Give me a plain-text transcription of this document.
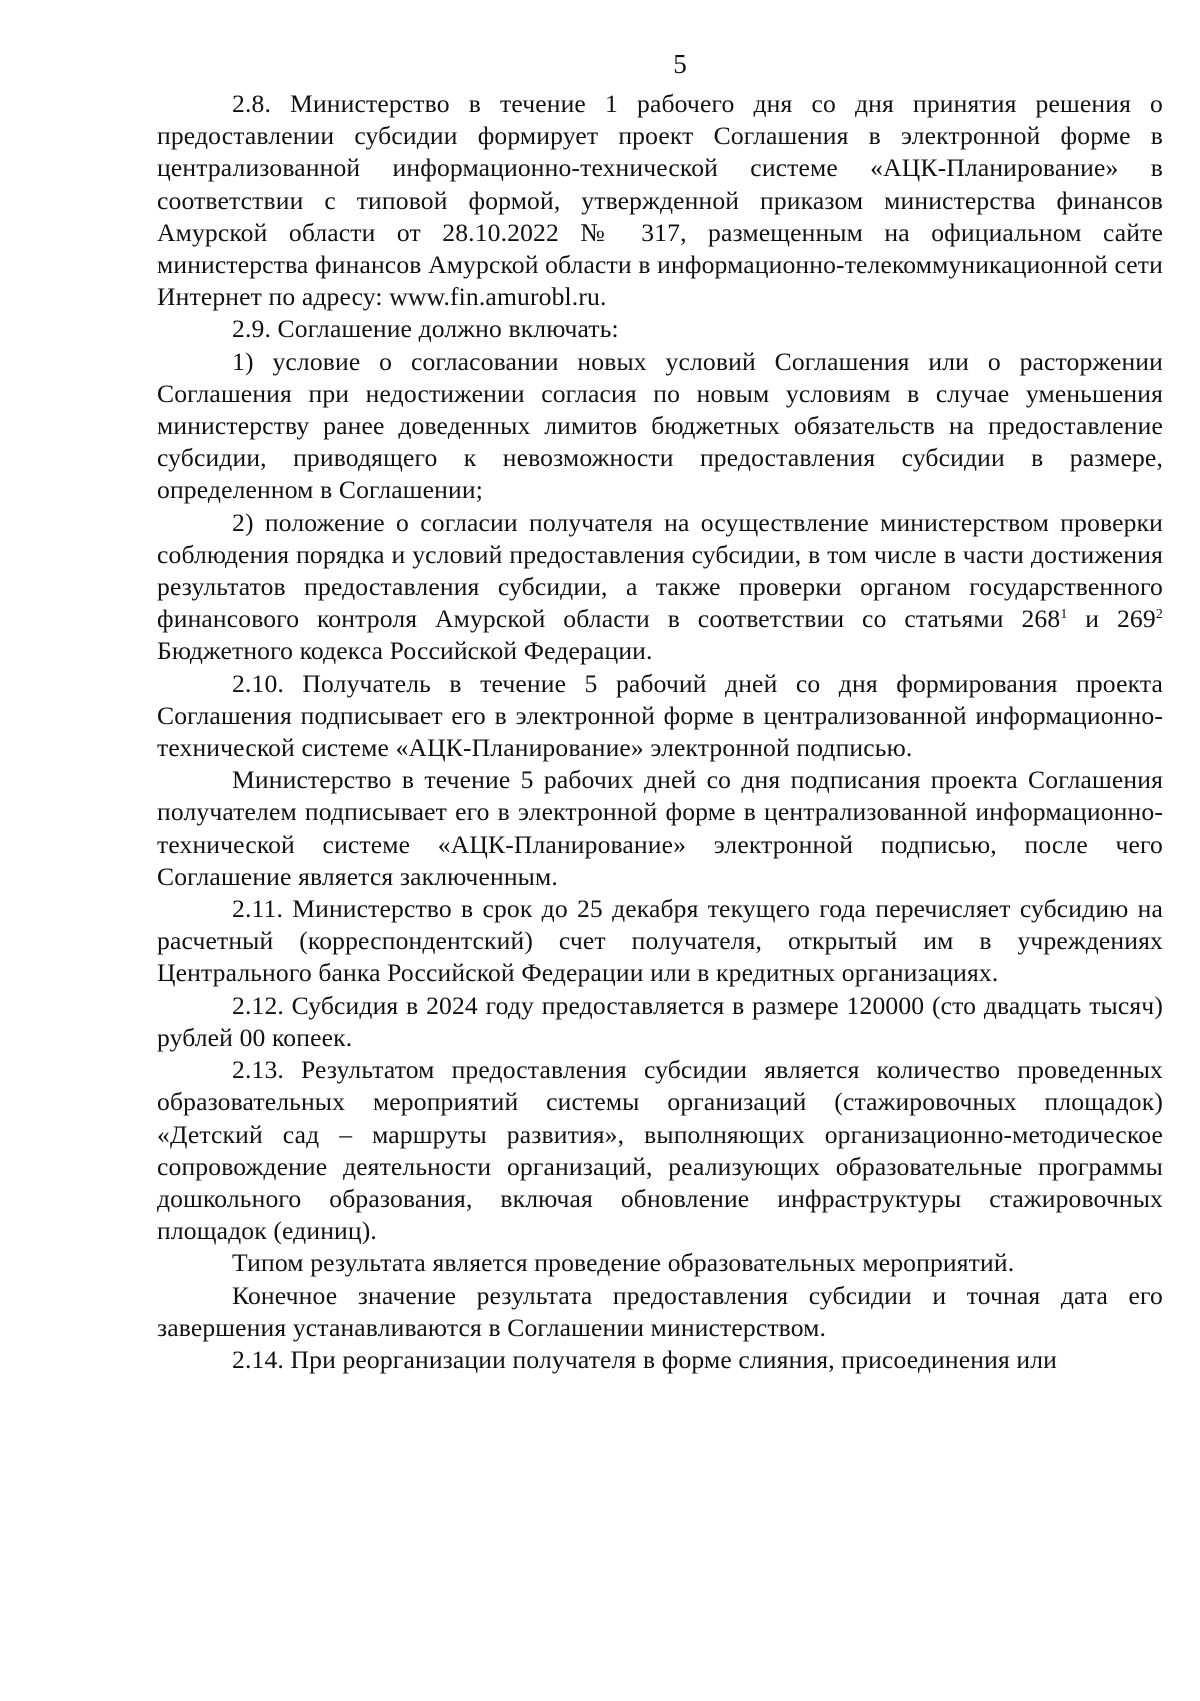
5

2.8. Министерство в течение 1 рабочего дня со дня принятия решения о предоставлении субсидии формирует проект Соглашения в электронной форме в централизованной информационно-технической системе «АЦК-Планирование» в соответствии с типовой формой, утвержденной приказом министерства финансов Амурской области от 28.10.2022 № 317, размещенным на официальном сайте министерства финансов Амурской области в информационно-телекоммуникационной сети Интернет по адресу: www.fin.amurobl.ru.

2.9. Соглашение должно включать:

1) условие о согласовании новых условий Соглашения или о расторжении Соглашения при недостижении согласия по новым условиям в случае уменьшения министерству ранее доведенных лимитов бюджетных обязательств на предоставление субсидии, приводящего к невозможности предоставления субсидии в размере, определенном в Соглашении;

2) положение о согласии получателя на осуществление министерством проверки соблюдения порядка и условий предоставления субсидии, в том числе в части достижения результатов предоставления субсидии, а также проверки органом государственного финансового контроля Амурской области в соответствии со статьями $268^1$ и $269^2$ Бюджетного кодекса Российской Федерации.

2.10. Получатель в течение 5 рабочий дней со дня формирования проекта Соглашения подписывает его в электронной форме в централизованной информационно-технической системе «АЦК-Планирование» электронной подписью.

Министерство в течение 5 рабочих дней со дня подписания проекта Соглашения получателем подписывает его в электронной форме в централизованной информационно-технической системе «АЦК-Планирование» электронной подписью, после чего Соглашение является заключенным.

2.11. Министерство в срок до 25 декабря текущего года перечисляет субсидию на расчетный (корреспондентский) счет получателя, открытый им в учреждениях Центрального банка Российской Федерации или в кредитных организациях.

2.12. Субсидия в 2024 году предоставляется в размере 120000 (сто двадцать тысяч) рублей 00 копеек.

2.13. Результатом предоставления субсидии является количество проведенных образовательных мероприятий системы организаций (стажировочных площадок) «Детский сад – маршруты развития», выполняющих организационно-методическое сопровождение деятельности организаций, реализующих образовательные программы дошкольного образования, включая обновление инфраструктуры стажировочных площадок (единиц).

Типом результата является проведение образовательных мероприятий.

Конечное значение результата предоставления субсидии и точная дата его завершения устанавливаются в Соглашении министерством.

2.14. При реорганизации получателя в форме слияния, присоединения или
